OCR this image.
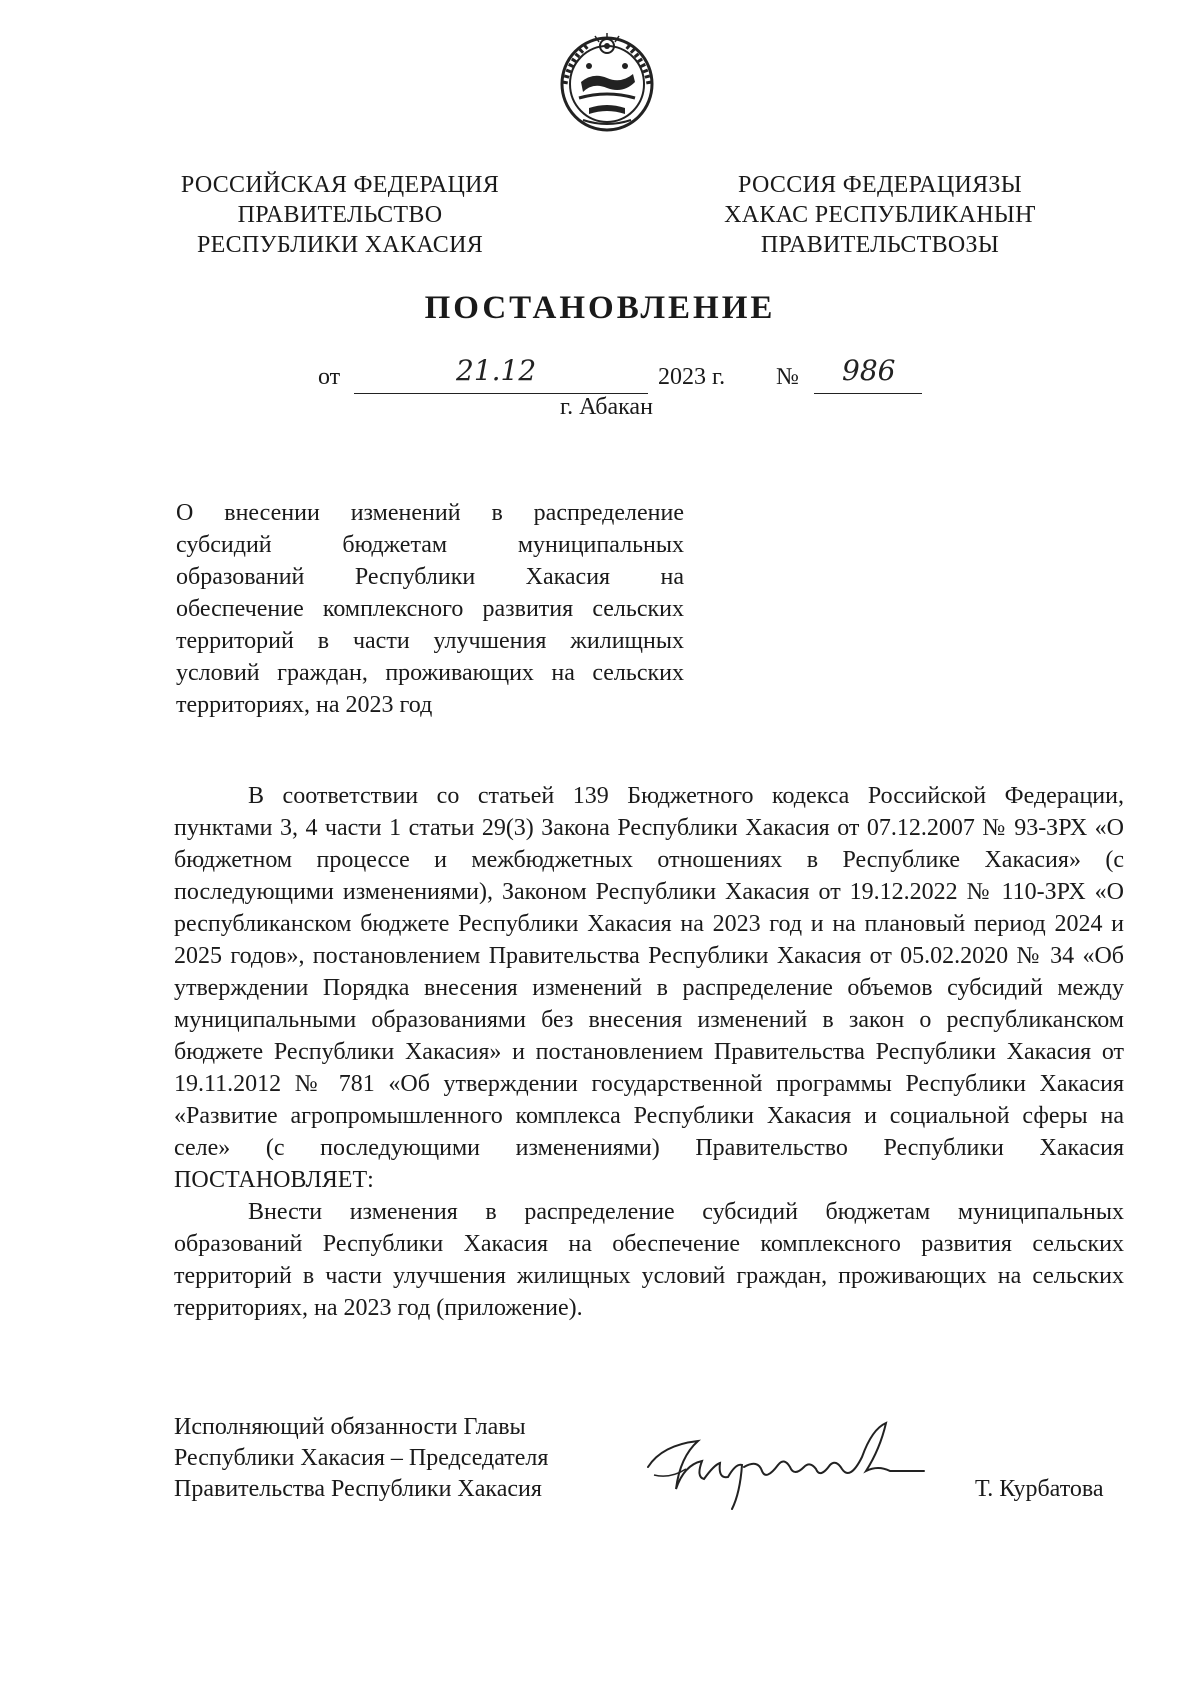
РОССИЙСКАЯ ФЕДЕРАЦИЯ
ПРАВИТЕЛЬСТВО
РЕСПУБЛИКИ ХАКАСИЯ
РОССИЯ ФЕДЕРАЦИЯЗЫ
ХАКАС РЕСПУБЛИКАНЫҤ
ПРАВИТЕЛЬСТВОЗЫ
ПОСТАНОВЛЕНИЕ
от	21.12	2023 г. № 986
г. Абакан

О внесении изменений в распределение субсидий бюджетам муниципальных образований Республики Хакасия на обеспечение комплексного развития сельских территорий в части улучшения жилищных условий граждан, проживающих на сельских территориях, на 2023 год

В соответствии со статьей 139 Бюджетного кодекса Российской Федерации, пунктами 3, 4 части 1 статьи 29(3) Закона Республики Хакасия от 07.12.2007 № 93-ЗРХ «О бюджетном процессе и межбюджетных отношениях в Республике Хакасия» (с последующими изменениями), Законом Республики Хакасия от 19.12.2022 № 110-ЗРХ «О республиканском бюджете Республики Хакасия на 2023 год и на плановый период 2024 и 2025 годов», постановлением Правительства Республики Хакасия от 05.02.2020 № 34 «Об утверждении Порядка внесения изменений в распределение объемов субсидий между муниципальными образованиями без внесения изменений в закон о республиканском бюджете Республики Хакасия» и постановлением Правительства Республики Хакасия от 19.11.2012 № 781 «Об утверждении государственной программы Республики Хакасия «Развитие агропромышленного комплекса Республики Хакасия и социальной сферы на селе» (с последующими изменениями) Правительство Республики Хакасия ПОСТАНОВЛЯЕТ:

Внести изменения в распределение субсидий бюджетам муниципальных образований Республики Хакасия на обеспечение комплексного развития сельских территорий в части улучшения жилищных условий граждан, проживающих на сельских территориях, на 2023 год (приложение).

Исполняющий обязанности Главы
Республики Хакасия – Председателя
Правительства Республики Хакасия	Т. Курбатова
